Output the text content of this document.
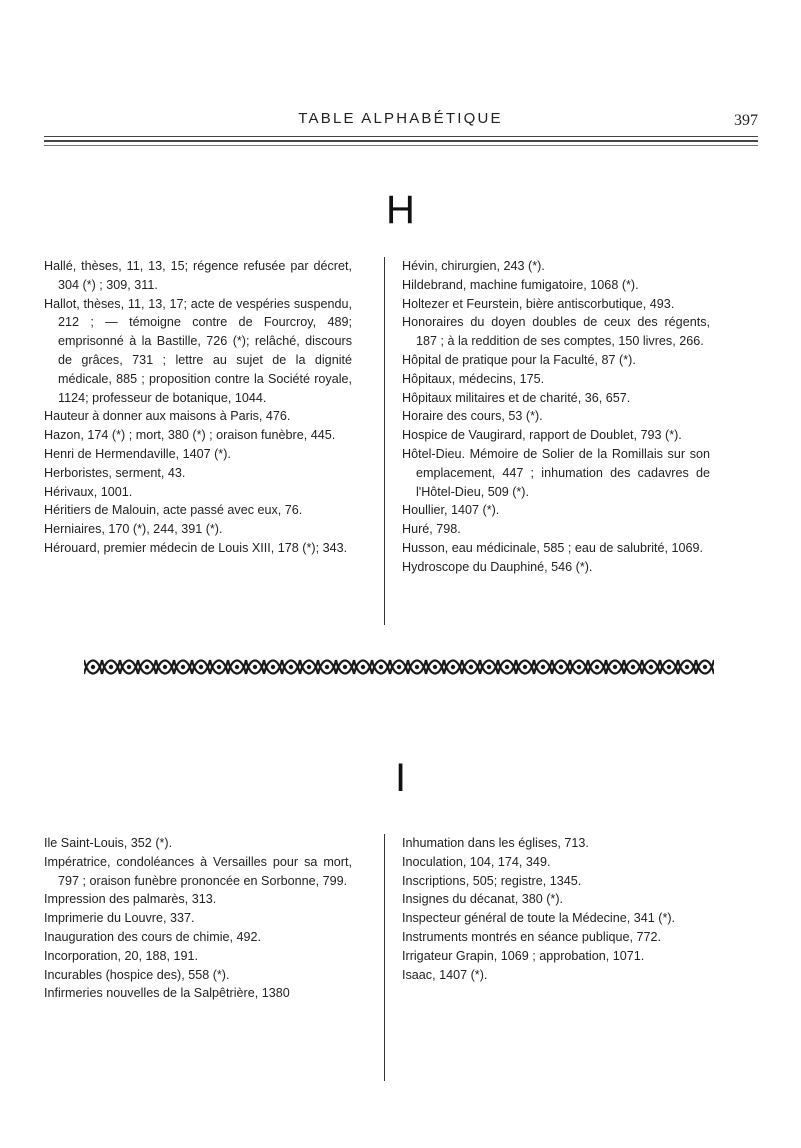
TABLE ALPHABÉTIQUE	397
H

Hallé, thèses, 11, 13, 15; régence refusée par décret, 304 (*) ; 309, 311.

Hallot, thèses, 11, 13, 17; acte de vespéries suspendu, 212 ; — témoigne contre de Fourcroy, 489; emprisonné à la Bastille, 726 (*); relâché, discours de grâces, 731 ; lettre au sujet de la dignité médicale, 885 ; proposition contre la Société royale, 1124; professeur de botanique, 1044.

Hauteur à donner aux maisons à Paris, 476.

Hazon, 174 (*) ; mort, 380 (*) ; oraison funèbre, 445.

Henri de Hermendaville, 1407 (*).

Herboristes, serment, 43.

Hérivaux, 1001.

Héritiers de Malouin, acte passé avec eux, 76.

Herniaires, 170 (*), 244, 391 (*).

Hérouard, premier médecin de Louis XIII, 178 (*); 343.

Hévin, chirurgien, 243 (*).

Hildebrand, machine fumigatoire, 1068 (*).

Holtezer et Feurstein, bière antiscorbutique, 493.

Honoraires du doyen doubles de ceux des régents, 187 ; à la reddition de ses comptes, 150 livres, 266.

Hôpital de pratique pour la Faculté, 87 (*).

Hôpitaux, médecins, 175.

Hôpitaux militaires et de charité, 36, 657.

Horaire des cours, 53 (*).

Hospice de Vaugirard, rapport de Doublet, 793 (*).

Hôtel-Dieu. Mémoire de Solier de la Romillais sur son emplacement, 447 ; inhumation des cadavres de l'Hôtel-Dieu, 509 (*).

Houllier, 1407 (*).

Huré, 798.

Husson, eau médicinale, 585 ; eau de salubrité, 1069.

Hydroscope du Dauphiné, 546 (*).

I

Ile Saint-Louis, 352 (*).

Impératrice, condoléances à Versailles pour sa mort, 797 ; oraison funèbre prononcée en Sorbonne, 799.

Impression des palmarès, 313.

Imprimerie du Louvre, 337.

Inauguration des cours de chimie, 492.

Incorporation, 20, 188, 191.

Incurables (hospice des), 558 (*).

Infirmeries nouvelles de la Salpêtrière, 1380

Inhumation dans les églises, 713.

Inoculation, 104, 174, 349.

Inscriptions, 505; registre, 1345.

Insignes du décanat, 380 (*).

Inspecteur général de toute la Médecine, 341 (*).

Instruments montrés en séance publique, 772.

Irrigateur Grapin, 1069 ; approbation, 1071.

Isaac, 1407 (*).
